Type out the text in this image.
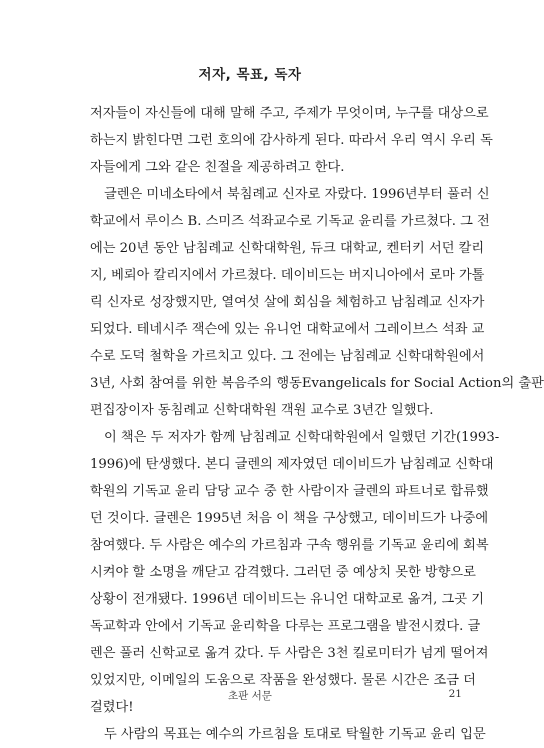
저자, 목표, 독자
저자들이 자신들에 대해 말해 주고, 주제가 무엇이며, 누구를 대상으로
하는지 밝힌다면 그런 호의에 감사하게 된다. 따라서 우리 역시 우리 독
자들에게 그와 같은 친절을 제공하려고 한다.
글렌은 미네소타에서 북침례교 신자로 자랐다. 1996년부터 풀러 신
학교에서 루이스 B. 스미즈 석좌교수로 기독교 윤리를 가르쳤다. 그 전
에는 20년 동안 남침례교 신학대학원, 듀크 대학교, 켄터키 서던 칼리
지, 베뢰아 칼리지에서 가르쳤다. 데이비드는 버지니아에서 로마 가톨
릭 신자로 성장했지만, 열여섯 살에 회심을 체험하고 남침례교 신자가
되었다. 테네시주 잭슨에 있는 유니언 대학교에서 그레이브스 석좌 교
수로 도덕 철학을 가르치고 있다. 그 전에는 남침례교 신학대학원에서
3년, 사회 참여를 위한 복음주의 행동Evangelicals for Social Action의 출판
편집장이자 동침례교 신학대학원 객원 교수로 3년간 일했다.
이 책은 두 저자가 함께 남침례교 신학대학원에서 일했던 기간(1993-
1996)에 탄생했다. 본디 글렌의 제자였던 데이비드가 남침례교 신학대
학원의 기독교 윤리 담당 교수 중 한 사람이자 글렌의 파트너로 합류했
던 것이다. 글렌은 1995년 처음 이 책을 구상했고, 데이비드가 나중에
참여했다. 두 사람은 예수의 가르침과 구속 행위를 기독교 윤리에 회복
시켜야 할 소명을 깨닫고 감격했다. 그러던 중 예상치 못한 방향으로
상황이 전개됐다. 1996년 데이비드는 유니언 대학교로 옮겨, 그곳 기
독교학과 안에서 기독교 윤리학을 다루는 프로그램을 발전시켰다. 글
렌은 풀러 신학교로 옮겨 갔다. 두 사람은 3천 킬로미터가 넘게 떨어져
있었지만, 이메일의 도움으로 작품을 완성했다. 물론 시간은 조금 더
걸렸다!
두 사람의 목표는 예수의 가르침을 토대로 탁월한 기독교 윤리 입문
초판 서문	21
